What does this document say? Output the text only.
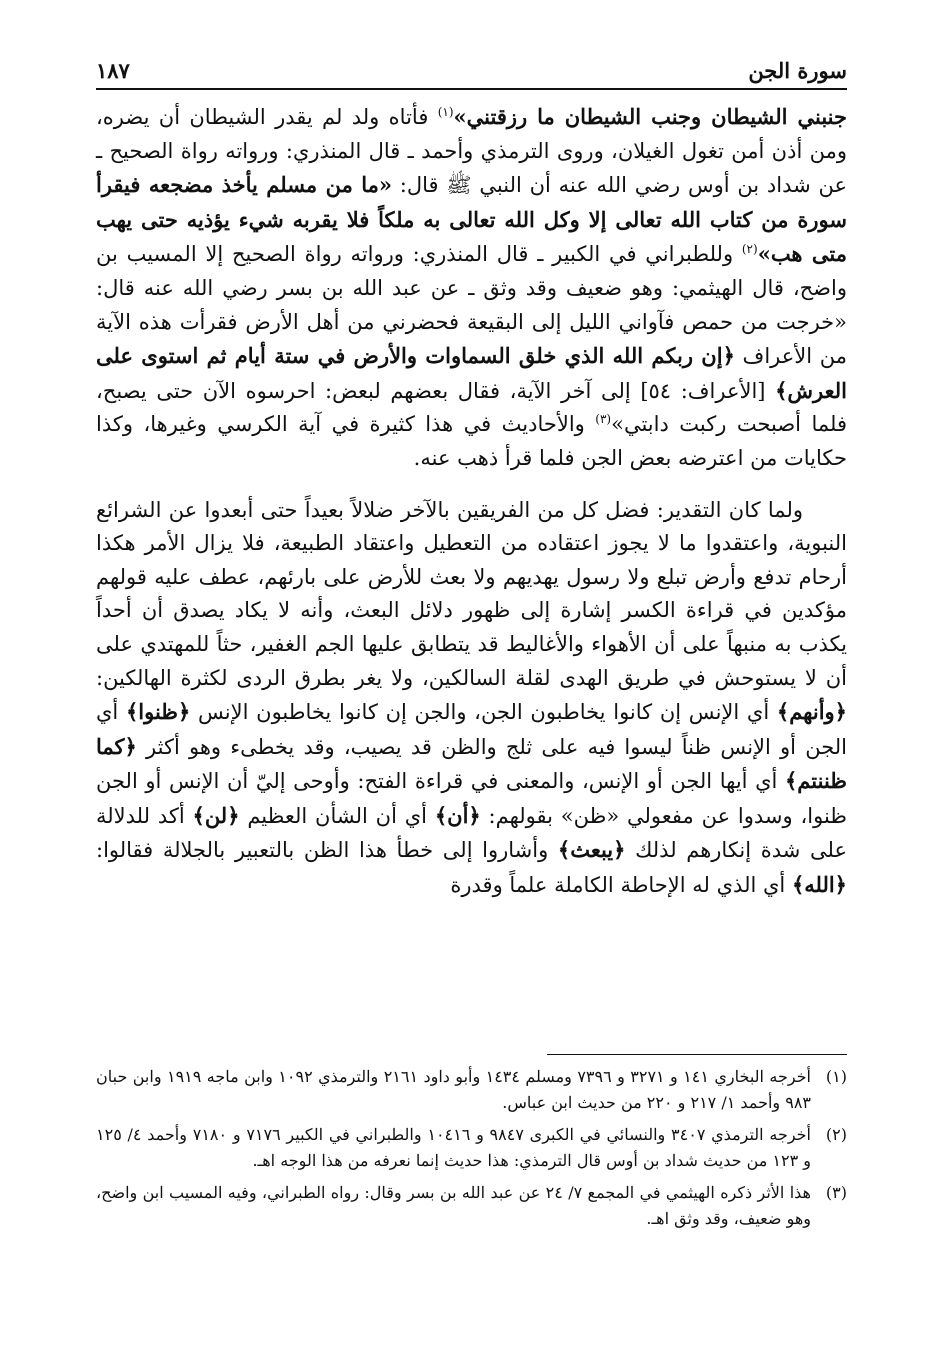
سورة الجن
١٨٧

جنبني الشيطان وجنب الشيطان ما رزقتني»$^{(١)}$ فأتاه ولد لم يقدر الشيطان أن يضره، ومن أذن أمن تغول الغيلان، وروى الترمذي وأحمد ـ قال المنذري: ورواته رواة الصحيح ـ عن شداد بن أوس رضي الله عنه أن النبي ﷺ قال: «ما من مسلم يأخذ مضجعه فيقرأ سورة من كتاب الله تعالى إلا وكل الله تعالى به ملكاً فلا يقربه شيء يؤذيه حتى يهب متى هب»$^{(٢)}$ وللطبراني في الكبير ـ قال المنذري: ورواته رواة الصحيح إلا المسيب بن واضح، قال الهيثمي: وهو ضعيف وقد وثق ـ عن عبد الله بن بسر رضي الله عنه قال: «خرجت من حمص فآواني الليل إلى البقيعة فحضرني من أهل الأرض فقرأت هذه الآية من الأعراف ﴿إن ربكم الله الذي خلق السماوات والأرض في ستة أيام ثم استوى على العرش﴾ [الأعراف: ٥٤] إلى آخر الآية، فقال بعضهم لبعض: احرسوه الآن حتى يصبح، فلما أصبحت ركبت دابتي»$^{(٣)}$ والأحاديث في هذا كثيرة في آية الكرسي وغيرها، وكذا حكايات من اعترضه بعض الجن فلما قرأ ذهب عنه.

ولما كان التقدير: فضل كل من الفريقين بالآخر ضلالاً بعيداً حتى أبعدوا عن الشرائع النبوية، واعتقدوا ما لا يجوز اعتقاده من التعطيل واعتقاد الطبيعة، فلا يزال الأمر هكذا أرحام تدفع وأرض تبلع ولا رسول يهديهم ولا بعث للأرض على بارئهم، عطف عليه قولهم مؤكدين في قراءة الكسر إشارة إلى ظهور دلائل البعث، وأنه لا يكاد يصدق أن أحداً يكذب به منبهاً على أن الأهواء والأغاليط قد يتطابق عليها الجم الغفير، حثاً للمهتدي على أن لا يستوحش في طريق الهدى لقلة السالكين، ولا يغر بطرق الردى لكثرة الهالكين: ﴿وأنهم﴾ أي الإنس إن كانوا يخاطبون الجن، والجن إن كانوا يخاطبون الإنس ﴿ظنوا﴾ أي الجن أو الإنس ظناً ليسوا فيه على ثلج والظن قد يصيب، وقد يخطىء وهو أكثر ﴿كما ظننتم﴾ أي أيها الجن أو الإنس، والمعنى في قراءة الفتح: وأوحى إليّ أن الإنس أو الجن ظنوا، وسدوا عن مفعولي «ظن» بقولهم: ﴿أن﴾ أي أن الشأن العظيم ﴿لن﴾ أكد للدلالة على شدة إنكارهم لذلك ﴿يبعث﴾ وأشاروا إلى خطأ هذا الظن بالتعبير بالجلالة فقالوا: ﴿الله﴾ أي الذي له الإحاطة الكاملة علماً وقدرة

(١)
أخرجه البخاري ١٤١ و ٣٢٧١ و ٧٣٩٦ ومسلم ١٤٣٤ وأبو داود ٢١٦١ والترمذي ١٠٩٢ وابن ماجه ١٩١٩ وابن حبان ٩٨٣ وأحمد ١/ ٢١٧ و ٢٢٠ من حديث ابن عباس.
(٢)
أخرجه الترمذي ٣٤٠٧ والنسائي في الكبرى ٩٨٤٧ و ١٠٤١٦ والطبراني في الكبير ٧١٧٦ و ٧١٨٠ وأحمد ٤/ ١٢٥ و ١٢٣ من حديث شداد بن أوس قال الترمذي: هذا حديث إنما نعرفه من هذا الوجه اهـ.
(٣)
هذا الأثر ذكره الهيثمي في المجمع ٧/ ٢٤ عن عبد الله بن بسر وقال: رواه الطبراني، وفيه المسيب ابن واضح، وهو ضعيف، وقد وثق اهـ.
